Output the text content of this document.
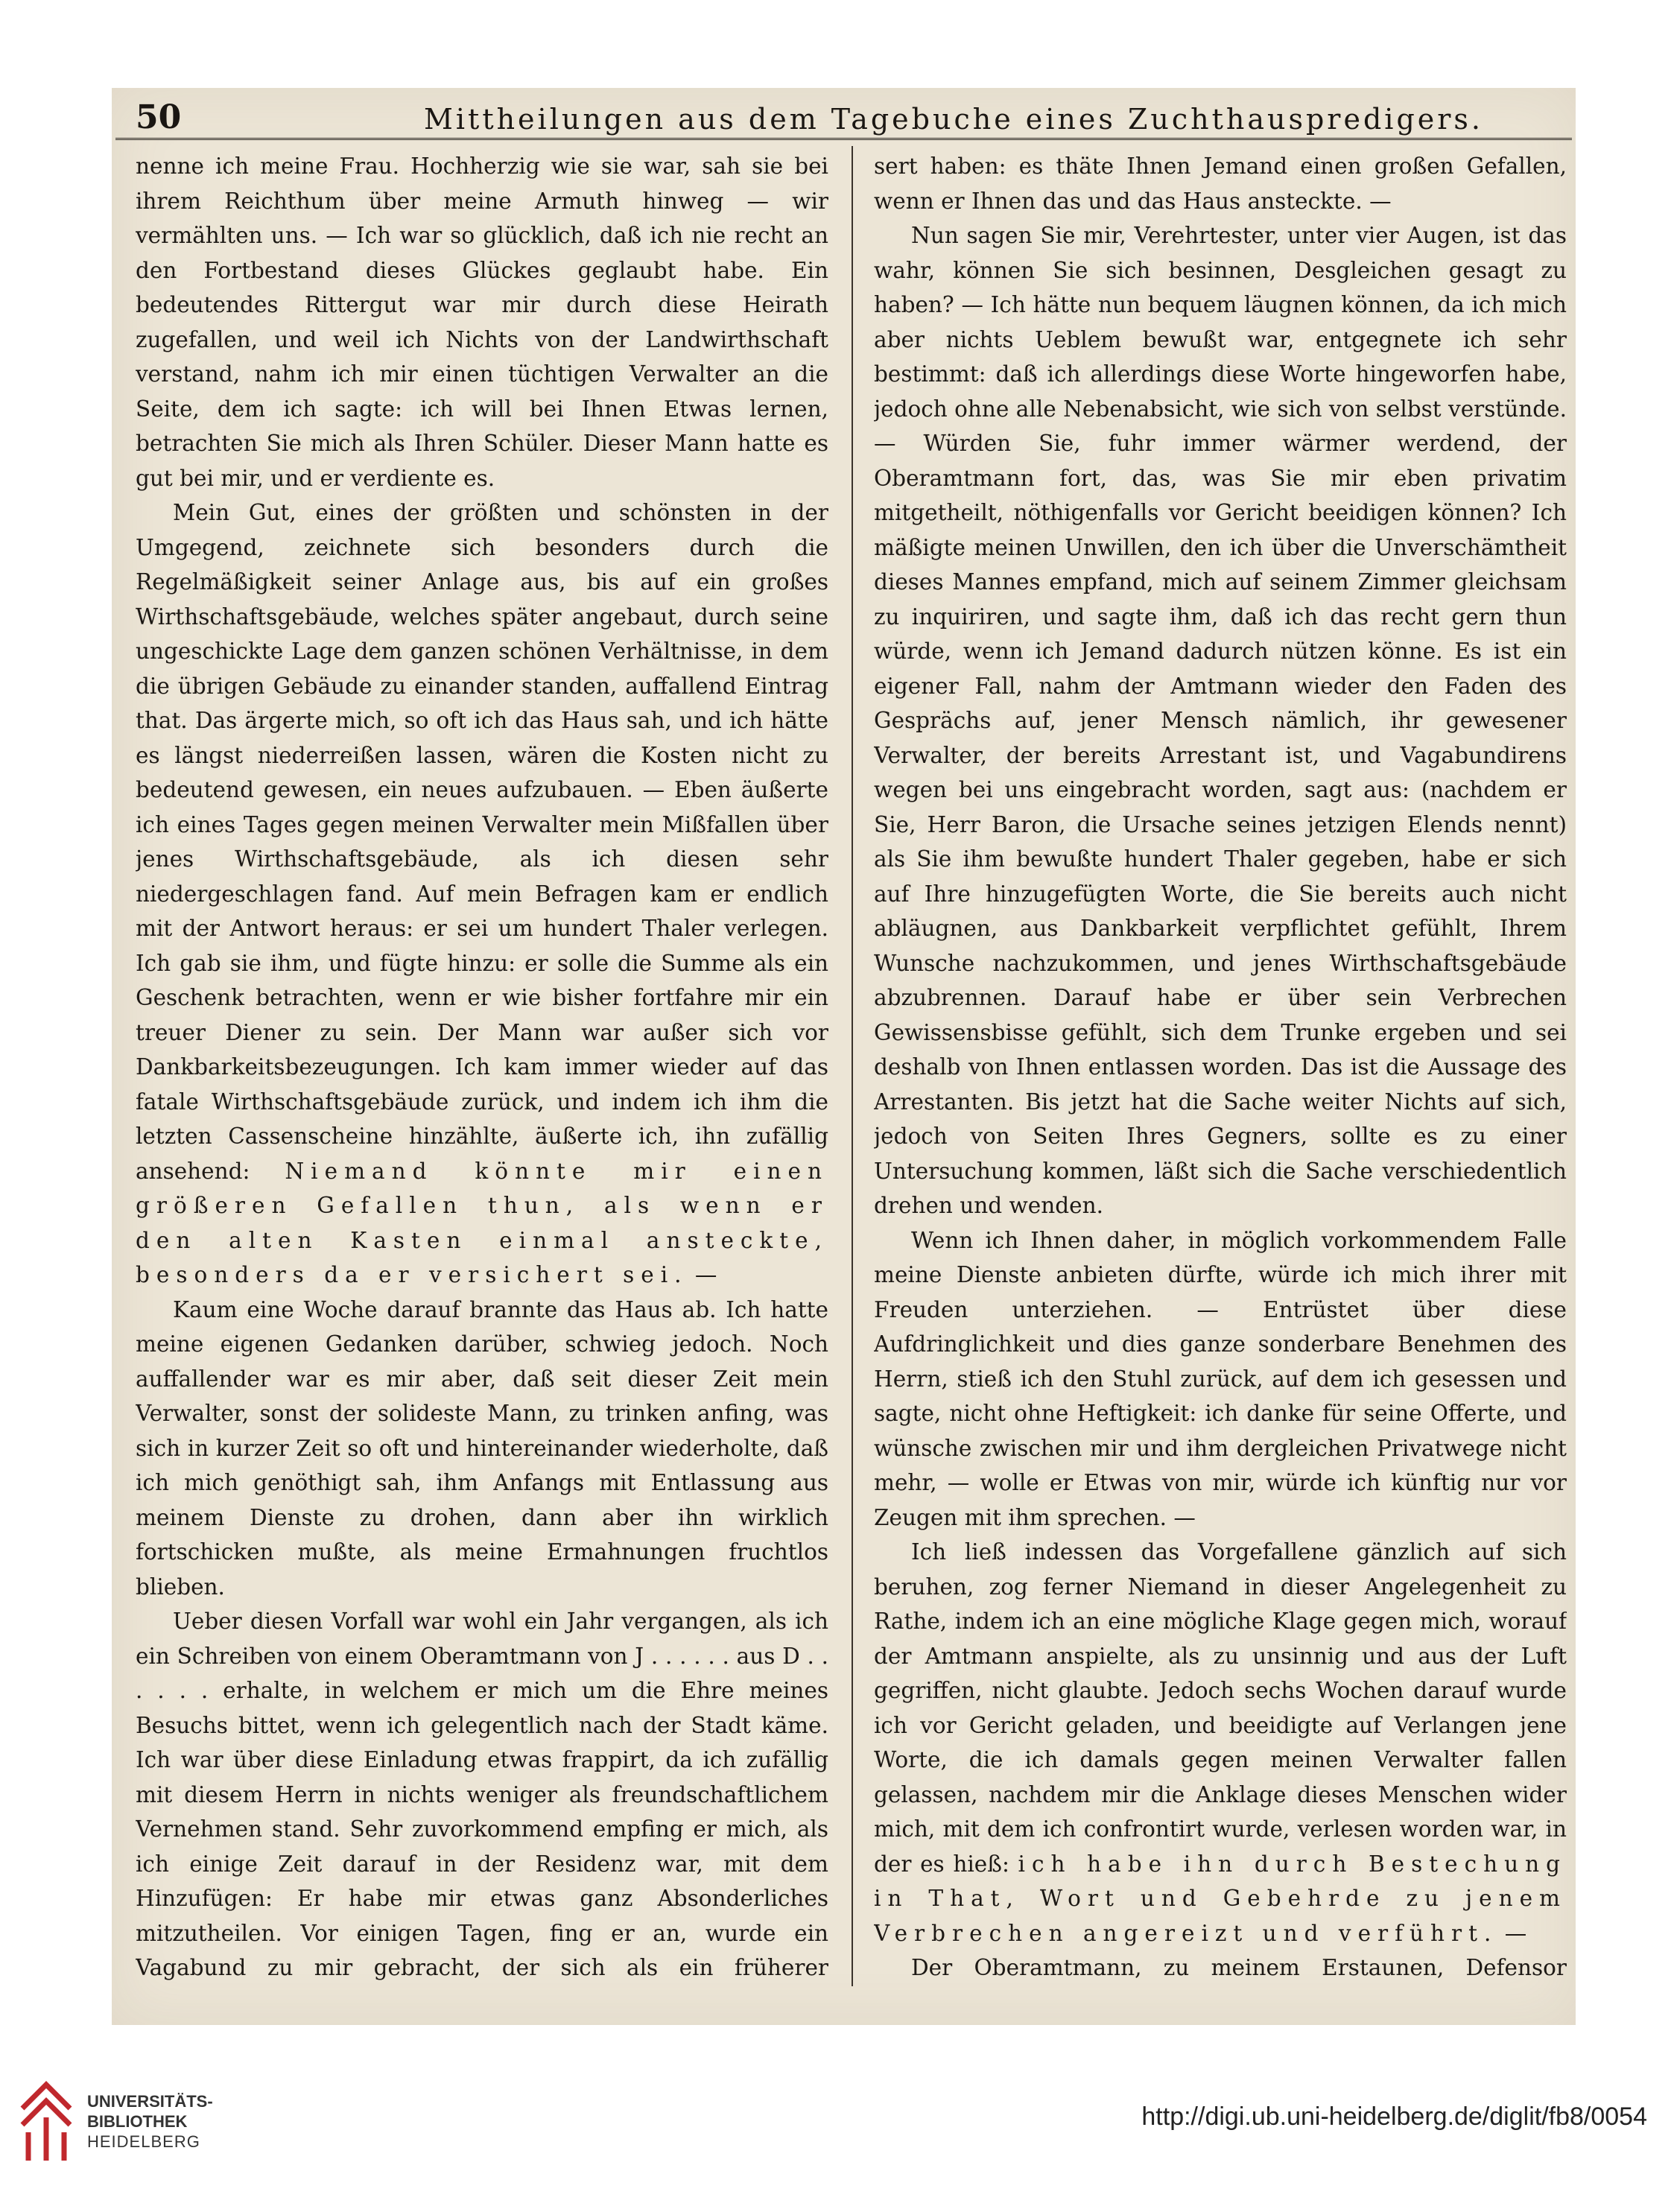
50	Mittheilungen aus dem Tagebuche eines Zuchthauspredigers.

nenne ich meine Frau. Hochherzig wie sie war, sah sie bei ihrem Reichthum über meine Armuth hinweg — wir vermählten uns. — Ich war so glücklich, daß ich nie recht an den Fortbestand dieses Glückes geglaubt habe. Ein bedeutendes Rittergut war mir durch diese Heirath zugefallen, und weil ich Nichts von der Landwirthschaft verstand, nahm ich mir einen tüchtigen Verwalter an die Seite, dem ich sagte: ich will bei Ihnen Etwas lernen, betrachten Sie mich als Ihren Schüler. Dieser Mann hatte es gut bei mir, und er verdiente es.

Mein Gut, eines der größten und schönsten in der Umgegend, zeichnete sich besonders durch die Regelmäßigkeit seiner Anlage aus, bis auf ein großes Wirthschaftsgebäude, welches später angebaut, durch seine ungeschickte Lage dem ganzen schönen Verhältnisse, in dem die übrigen Gebäude zu einander standen, auffallend Eintrag that. Das ärgerte mich, so oft ich das Haus sah, und ich hätte es längst niederreißen lassen, wären die Kosten nicht zu bedeutend gewesen, ein neues aufzubauen. — Eben äußerte ich eines Tages gegen meinen Verwalter mein Mißfallen über jenes Wirthschaftsgebäude, als ich diesen sehr niedergeschlagen fand. Auf mein Befragen kam er endlich mit der Antwort heraus: er sei um hundert Thaler verlegen. Ich gab sie ihm, und fügte hinzu: er solle die Summe als ein Geschenk betrachten, wenn er wie bisher fortfahre mir ein treuer Diener zu sein. Der Mann war außer sich vor Dankbarkeitsbezeugungen. Ich kam immer wieder auf das fatale Wirthschaftsgebäude zurück, und indem ich ihm die letzten Cassenscheine hinzählte, äußerte ich, ihn zufällig ansehend: Niemand könnte mir einen größeren Gefallen thun, als wenn er den alten Kasten einmal ansteckte, besonders da er versichert sei. —

Kaum eine Woche darauf brannte das Haus ab. Ich hatte meine eigenen Gedanken darüber, schwieg jedoch. Noch auffallender war es mir aber, daß seit dieser Zeit mein Verwalter, sonst der solideste Mann, zu trinken anfing, was sich in kurzer Zeit so oft und hintereinander wiederholte, daß ich mich genöthigt sah, ihm Anfangs mit Entlassung aus meinem Dienste zu drohen, dann aber ihn wirklich fortschicken mußte, als meine Ermahnungen fruchtlos blieben.

Ueber diesen Vorfall war wohl ein Jahr vergangen, als ich ein Schreiben von einem Oberamtmann von J . . . . . . aus D . . . . . . erhalte, in welchem er mich um die Ehre meines Besuchs bittet, wenn ich gelegentlich nach der Stadt käme. Ich war über diese Einladung etwas frappirt, da ich zufällig mit diesem Herrn in nichts weniger als freundschaftlichem Vernehmen stand. Sehr zuvorkommend empfing er mich, als ich einige Zeit darauf in der Residenz war, mit dem Hinzufügen: Er habe mir etwas ganz Absonderliches mitzutheilen. Vor einigen Tagen, fing er an, wurde ein Vagabund zu mir gebracht, der sich als ein früherer

sert haben: es thäte Ihnen Jemand einen großen Gefallen, wenn er Ihnen das und das Haus ansteckte. —

Nun sagen Sie mir, Verehrtester, unter vier Augen, ist das wahr, können Sie sich besinnen, Desgleichen gesagt zu haben? — Ich hätte nun bequem läugnen können, da ich mich aber nichts Ueblem bewußt war, entgegnete ich sehr bestimmt: daß ich allerdings diese Worte hingeworfen habe, jedoch ohne alle Nebenabsicht, wie sich von selbst verstünde. — Würden Sie, fuhr immer wärmer werdend, der Oberamtmann fort, das, was Sie mir eben privatim mitgetheilt, nöthigenfalls vor Gericht beeidigen können? Ich mäßigte meinen Unwillen, den ich über die Unverschämtheit dieses Mannes empfand, mich auf seinem Zimmer gleichsam zu inquiriren, und sagte ihm, daß ich das recht gern thun würde, wenn ich Jemand dadurch nützen könne. Es ist ein eigener Fall, nahm der Amtmann wieder den Faden des Gesprächs auf, jener Mensch nämlich, ihr gewesener Verwalter, der bereits Arrestant ist, und Vagabundirens wegen bei uns eingebracht worden, sagt aus: (nachdem er Sie, Herr Baron, die Ursache seines jetzigen Elends nennt) als Sie ihm bewußte hundert Thaler gegeben, habe er sich auf Ihre hinzugefügten Worte, die Sie bereits auch nicht abläugnen, aus Dankbarkeit verpflichtet gefühlt, Ihrem Wunsche nachzukommen, und jenes Wirthschaftsgebäude abzubrennen. Darauf habe er über sein Verbrechen Gewissensbisse gefühlt, sich dem Trunke ergeben und sei deshalb von Ihnen entlassen worden. Das ist die Aussage des Arrestanten. Bis jetzt hat die Sache weiter Nichts auf sich, jedoch von Seiten Ihres Gegners, sollte es zu einer Untersuchung kommen, läßt sich die Sache verschiedentlich drehen und wenden.

Wenn ich Ihnen daher, in möglich vorkommendem Falle meine Dienste anbieten dürfte, würde ich mich ihrer mit Freuden unterziehen. — Entrüstet über diese Aufdringlichkeit und dies ganze sonderbare Benehmen des Herrn, stieß ich den Stuhl zurück, auf dem ich gesessen und sagte, nicht ohne Heftigkeit: ich danke für seine Offerte, und wünsche zwischen mir und ihm dergleichen Privatwege nicht mehr, — wolle er Etwas von mir, würde ich künftig nur vor Zeugen mit ihm sprechen. —

Ich ließ indessen das Vorgefallene gänzlich auf sich beruhen, zog ferner Niemand in dieser Angelegenheit zu Rathe, indem ich an eine mögliche Klage gegen mich, worauf der Amtmann anspielte, als zu unsinnig und aus der Luft gegriffen, nicht glaubte. Jedoch sechs Wochen darauf wurde ich vor Gericht geladen, und beeidigte auf Verlangen jene Worte, die ich damals gegen meinen Verwalter fallen gelassen, nachdem mir die Anklage dieses Menschen wider mich, mit dem ich confrontirt wurde, verlesen worden war, in der es hieß: ich habe ihn durch Bestechung in That, Wort und Gebehrde zu jenem Verbrechen angereizt und verführt. —

Der Oberamtmann, zu meinem Erstaunen, Defensor

UNIVERSITÄTS-
BIBLIOTHEK
HEIDELBERG
http://digi.ub.uni-heidelberg.de/diglit/fb8/0054
